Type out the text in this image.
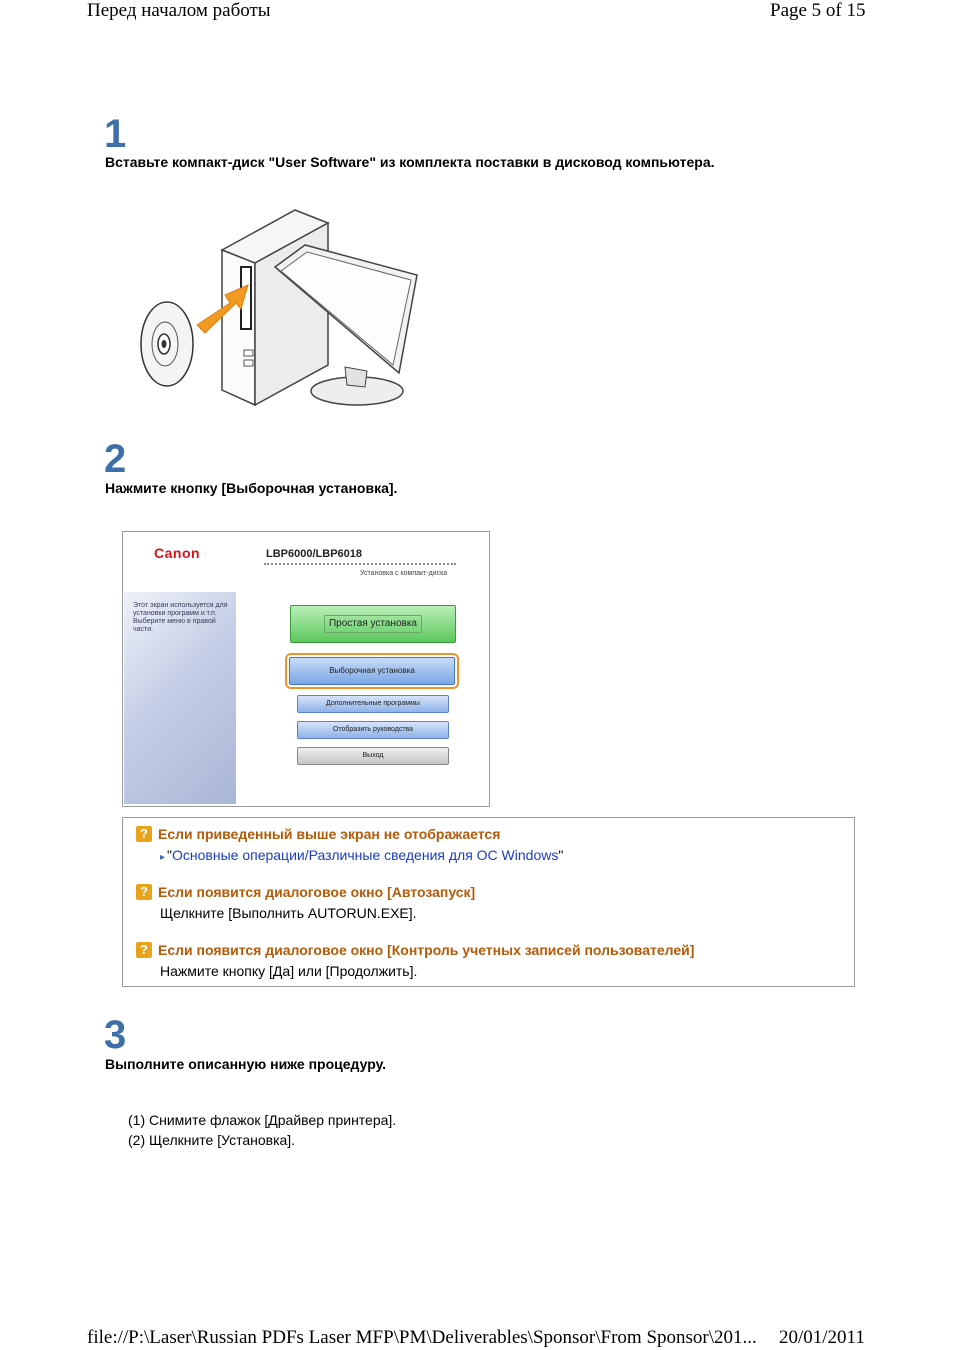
Перед началом работы	Page 5 of 15
1
Вставьте компакт-диск "User Software" из комплекта поставки в дисковод компьютера.
2
Нажмите кнопку [Выборочная установка].
Canon	LBP6000/LBP6018
Установка с компакт-диска
Этот экран используется для установки программ и т.п. Выберите меню в правой части.
Простая установка
Выборочная установка
Дополнительные программы
Отобразить руководства
Выход
? Если приведенный выше экран не отображается
▸ "Основные операции/Различные сведения для ОС Windows"
? Если появится диалоговое окно [Автозапуск]
Щелкните [Выполнить AUTORUN.EXE].
? Если появится диалоговое окно [Контроль учетных записей пользователей]
Нажмите кнопку [Да] или [Продолжить].
3
Выполните описанную ниже процедуру.
(1) Снимите флажок [Драйвер принтера].
(2) Щелкните [Установка].
file://P:\Laser\Russian PDFs Laser MFP\PM\Deliverables\Sponsor\From Sponsor\201... 20/01/2011
